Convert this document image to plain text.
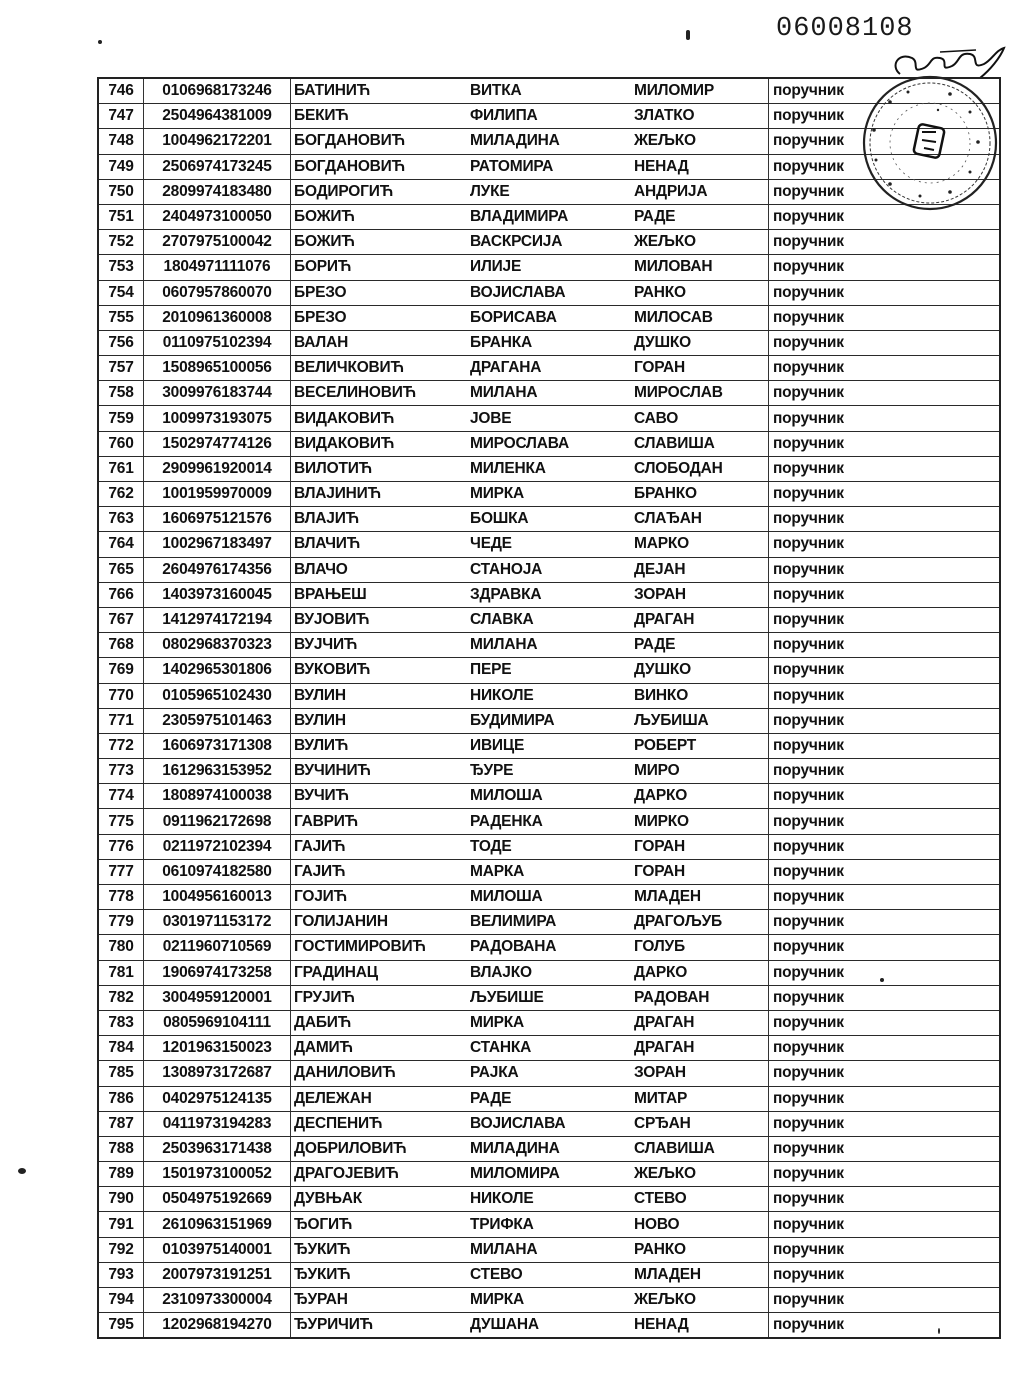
06008108
746	0106968173246	БАТИНИЋ	ВИТКА	МИЛОМИР	поручник
747	2504964381009	БЕКИЋ	ФИЛИПА	ЗЛАТКО	поручник
748	1004962172201	БОГДАНОВИЋ	МИЛАДИНА	ЖЕЉКО	поручник
749	2506974173245	БОГДАНОВИЋ	РАТОМИРА	НЕНАД	поручник
750	2809974183480	БОДИРОГИЋ	ЛУКЕ	АНДРИЈА	поручник
751	2404973100050	БОЖИЋ	ВЛАДИМИРА	РАДЕ	поручник
752	2707975100042	БОЖИЋ	ВАСКРСИЈА	ЖЕЉКО	поручник
753	1804971111076	БОРИЋ	ИЛИЈЕ	МИЛОВАН	поручник
754	0607957860070	БРЕЗО	ВОЈИСЛАВА	РАНКО	поручник
755	2010961360008	БРЕЗО	БОРИСАВА	МИЛОСАВ	поручник
756	0110975102394	ВАЛАН	БРАНКА	ДУШКО	поручник
757	1508965100056	ВЕЛИЧКОВИЋ	ДРАГАНА	ГОРАН	поручник
758	3009976183744	ВЕСЕЛИНОВИЋ	МИЛАНА	МИРОСЛАВ	поручник
759	1009973193075	ВИДАКОВИЋ	ЈОВЕ	САВО	поручник
760	1502974774126	ВИДАКОВИЋ	МИРОСЛАВА	СЛАВИША	поручник
761	2909961920014	ВИЛОТИЋ	МИЛЕНКА	СЛОБОДАН	поручник
762	1001959970009	ВЛАЈИНИЋ	МИРКА	БРАНКО	поручник
763	1606975121576	ВЛАЈИЋ	БОШКА	СЛАЂАН	поручник
764	1002967183497	ВЛАЧИЋ	ЧЕДЕ	МАРКО	поручник
765	2604976174356	ВЛАЧО	СТАНОЈА	ДЕЈАН	поручник
766	1403973160045	ВРАЊЕШ	ЗДРАВКА	ЗОРАН	поручник
767	1412974172194	ВУЈОВИЋ	СЛАВКА	ДРАГАН	поручник
768	0802968370323	ВУЈЧИЋ	МИЛАНА	РАДЕ	поручник
769	1402965301806	ВУКОВИЋ	ПЕРЕ	ДУШКО	поручник
770	0105965102430	ВУЛИН	НИКОЛЕ	ВИНКО	поручник
771	2305975101463	ВУЛИН	БУДИМИРА	ЉУБИША	поручник
772	1606973171308	ВУЛИЋ	ИВИЦЕ	РОБЕРТ	поручник
773	1612963153952	ВУЧИНИЋ	ЂУРЕ	МИРО	поручник
774	1808974100038	ВУЧИЋ	МИЛОША	ДАРКО	поручник
775	0911962172698	ГАВРИЋ	РАДЕНКА	МИРКО	поручник
776	0211972102394	ГАЈИЋ	ТОДЕ	ГОРАН	поручник
777	0610974182580	ГАЈИЋ	МАРКА	ГОРАН	поручник
778	1004956160013	ГОЈИЋ	МИЛОША	МЛАДЕН	поручник
779	0301971153172	ГОЛИЈАНИН	ВЕЛИМИРА	ДРАГОЉУБ	поручник
780	0211960710569	ГОСТИМИРОВИЋ	РАДОВАНА	ГОЛУБ	поручник
781	1906974173258	ГРАДИНАЦ	ВЛАЈКО	ДАРКО	поручник
782	3004959120001	ГРУЈИЋ	ЉУБИШЕ	РАДОВАН	поручник
783	0805969104111	ДАБИЋ	МИРКА	ДРАГАН	поручник
784	1201963150023	ДАМИЋ	СТАНКА	ДРАГАН	поручник
785	1308973172687	ДАНИЛОВИЋ	РАЈКА	ЗОРАН	поручник
786	0402975124135	ДЕЛЕЖАН	РАДЕ	МИТАР	поручник
787	0411973194283	ДЕСПЕНИЋ	ВОЈИСЛАВА	СРЂАН	поручник
788	2503963171438	ДОБРИЛОВИЋ	МИЛАДИНА	СЛАВИША	поручник
789	1501973100052	ДРАГОЈЕВИЋ	МИЛОМИРА	ЖЕЉКО	поручник
790	0504975192669	ДУВЊАК	НИКОЛЕ	СТЕВО	поручник
791	2610963151969	ЂОГИЋ	ТРИФКА	НОВО	поручник
792	0103975140001	ЂУКИЋ	МИЛАНА	РАНКО	поручник
793	2007973191251	ЂУКИЋ	СТЕВО	МЛАДЕН	поручник
794	2310973300004	ЂУРАН	МИРКА	ЖЕЉКО	поручник
795	1202968194270	ЂУРИЧИЋ	ДУШАНА	НЕНАД	поручник
